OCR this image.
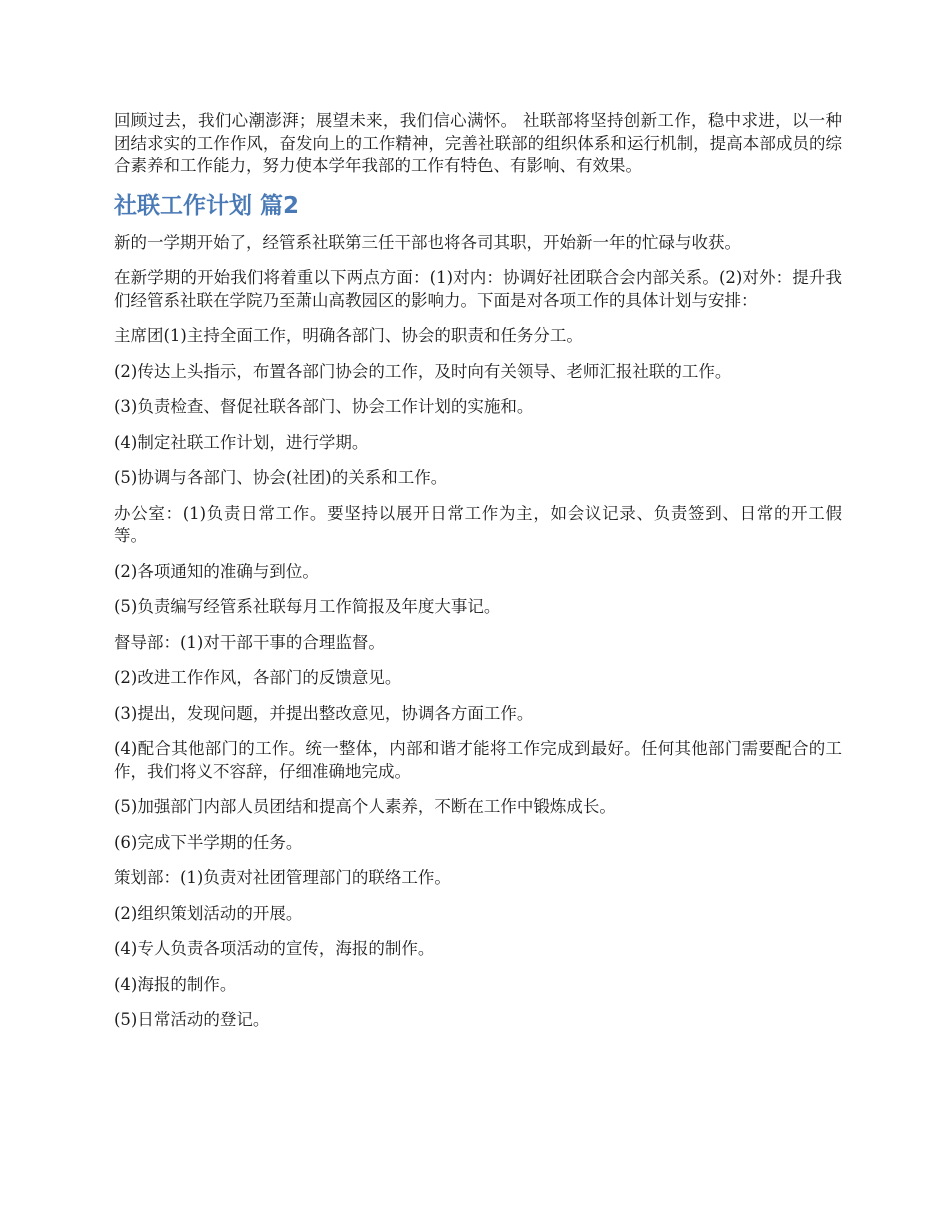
回顾过去，我们心潮澎湃；展望未来，我们信心满怀。 社联部将坚持创新工作，稳中求进，以一种团结求实的工作作风，奋发向上的工作精神，完善社联部的组织体系和运行机制，提高本部成员的综合素养和工作能力，努力使本学年我部的工作有特色、有影响、有效果。

社联工作计划 篇2

新的一学期开始了，经管系社联第三任干部也将各司其职，开始新一年的忙碌与收获。

在新学期的开始我们将着重以下两点方面：(1)对内：协调好社团联合会内部关系。(2)对外：提升我们经管系社联在学院乃至萧山高教园区的影响力。下面是对各项工作的具体计划与安排：

主席团(1)主持全面工作，明确各部门、协会的职责和任务分工。

(2)传达上头指示，布置各部门协会的工作，及时向有关领导、老师汇报社联的工作。

(3)负责检查、督促社联各部门、协会工作计划的实施和。

(4)制定社联工作计划，进行学期。

(5)协调与各部门、协会(社团)的关系和工作。

办公室：(1)负责日常工作。要坚持以展开日常工作为主，如会议记录、负责签到、日常的开工假等。

(2)各项通知的准确与到位。

(5)负责编写经管系社联每月工作简报及年度大事记。

督导部：(1)对干部干事的合理监督。

(2)改进工作作风，各部门的反馈意见。

(3)提出，发现问题，并提出整改意见，协调各方面工作。

(4)配合其他部门的工作。统一整体，内部和谐才能将工作完成到最好。任何其他部门需要配合的工作，我们将义不容辞，仔细准确地完成。

(5)加强部门内部人员团结和提高个人素养，不断在工作中锻炼成长。

(6)完成下半学期的任务。

策划部：(1)负责对社团管理部门的联络工作。

(2)组织策划活动的开展。

(4)专人负责各项活动的宣传，海报的制作。

(4)海报的制作。

(5)日常活动的登记。
